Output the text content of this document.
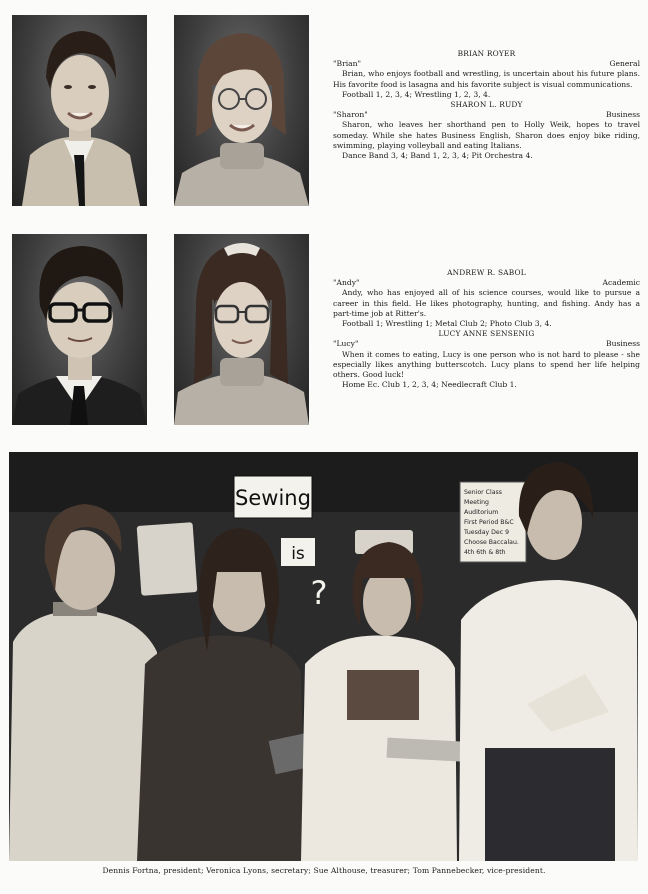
BRIAN ROYER

"Brian"	General

Brian, who enjoys football and wrestling, is uncertain about his future plans. His favorite food is lasagna and his favorite subject is visual communications.

Football 1, 2, 3, 4; Wrestling 1, 2, 3, 4.

SHARON L. RUDY

"Sharon"	Business

Sharon, who leaves her shorthand pen to Holly Weik, hopes to travel someday. While she hates Business English, Sharon does enjoy bike riding, swimming, playing volleyball and eating Italians.

Dance Band 3, 4; Band 1, 2, 3, 4; Pit Orchestra 4.

ANDREW R. SABOL

"Andy"	Academic

Andy, who has enjoyed all of his science courses, would like to pursue a career in this field. He likes photography, hunting, and fishing. Andy has a part-time job at Ritter's.

Football 1; Wrestling 1; Metal Club 2; Photo Club 3, 4.

LUCY ANNE SENSENIG

"Lucy"	Business

When it comes to eating, Lucy is one person who is not hard to please - she especially likes anything butterscotch. Lucy plans to spend her life helping others. Good luck!

Home Ec. Club 1, 2, 3, 4; Needlecraft Club 1.

Sewing
is
?
Senior Class
Meeting
Auditorium
First Period B&C
Tuesday Dec 9
Choose Baccalau.
4th 6th & 8th
Dennis Fortna, president; Veronica Lyons, secretary; Sue Althouse, treasurer; Tom Pannebecker, vice-president.
